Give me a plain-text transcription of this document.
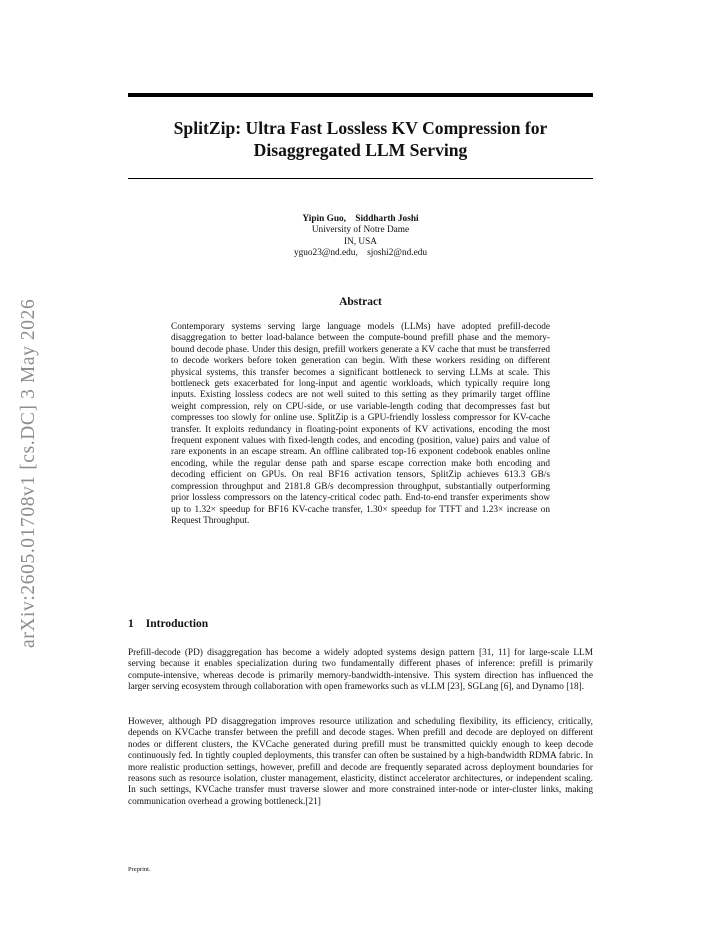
arXiv:2605.01708v1 [cs.DC] 3 May 2026
SplitZip: Ultra Fast Lossless KV Compression for Disaggregated LLM Serving
Yipin Guo,    Siddharth Joshi
University of Notre Dame
IN, USA
yguo23@nd.edu,    sjoshi2@nd.edu
Abstract

Contemporary systems serving large language models (LLMs) have adopted prefill-decode disaggregation to better load-balance between the compute-bound prefill phase and the memory-bound decode phase. Under this design, prefill workers generate a KV cache that must be transferred to decode workers before token generation can begin. With these workers residing on different physical systems, this transfer becomes a significant bottleneck to serving LLMs at scale. This bottleneck gets exacerbated for long-input and agentic workloads, which typically require long inputs. Existing lossless codecs are not well suited to this setting as they primarily target offline weight compression, rely on CPU-side, or use variable-length coding that decompresses fast but compresses too slowly for online use. SplitZip is a GPU-friendly lossless compressor for KV-cache transfer. It exploits redundancy in floating-point exponents of KV activations, encoding the most frequent exponent values with fixed-length codes, and encoding (position, value) pairs and value of rare exponents in an escape stream. An offline calibrated top-16 exponent codebook enables online encoding, while the regular dense path and sparse escape correction make both encoding and decoding efficient on GPUs. On real BF16 activation tensors, SplitZip achieves 613.3 GB/s compression throughput and 2181.8 GB/s decompression throughput, substantially outperforming prior lossless compressors on the latency-critical codec path. End-to-end transfer experiments show up to 1.32× speedup for BF16 KV-cache transfer, 1.30× speedup for TTFT and 1.23× increase on Request Throughput.

1 Introduction

Prefill-decode (PD) disaggregation has become a widely adopted systems design pattern [31, 11] for large-scale LLM serving because it enables specialization during two fundamentally different phases of inference: prefill is primarily compute-intensive, whereas decode is primarily memory-bandwidth-intensive. This system direction has influenced the larger serving ecosystem through collaboration with open frameworks such as vLLM [23], SGLang [6], and Dynamo [18].

However, although PD disaggregation improves resource utilization and scheduling flexibility, its efficiency, critically, depends on KVCache transfer between the prefill and decode stages. When prefill and decode are deployed on different nodes or different clusters, the KVCache generated during prefill must be transmitted quickly enough to keep decode continuously fed. In tightly coupled deployments, this transfer can often be sustained by a high-bandwidth RDMA fabric. In more realistic production settings, however, prefill and decode are frequently separated across deployment boundaries for reasons such as resource isolation, cluster management, elasticity, distinct accelerator architectures, or independent scaling. In such settings, KVCache transfer must traverse slower and more constrained inter-node or inter-cluster links, making communication overhead a growing bottleneck.[21]

Preprint.
